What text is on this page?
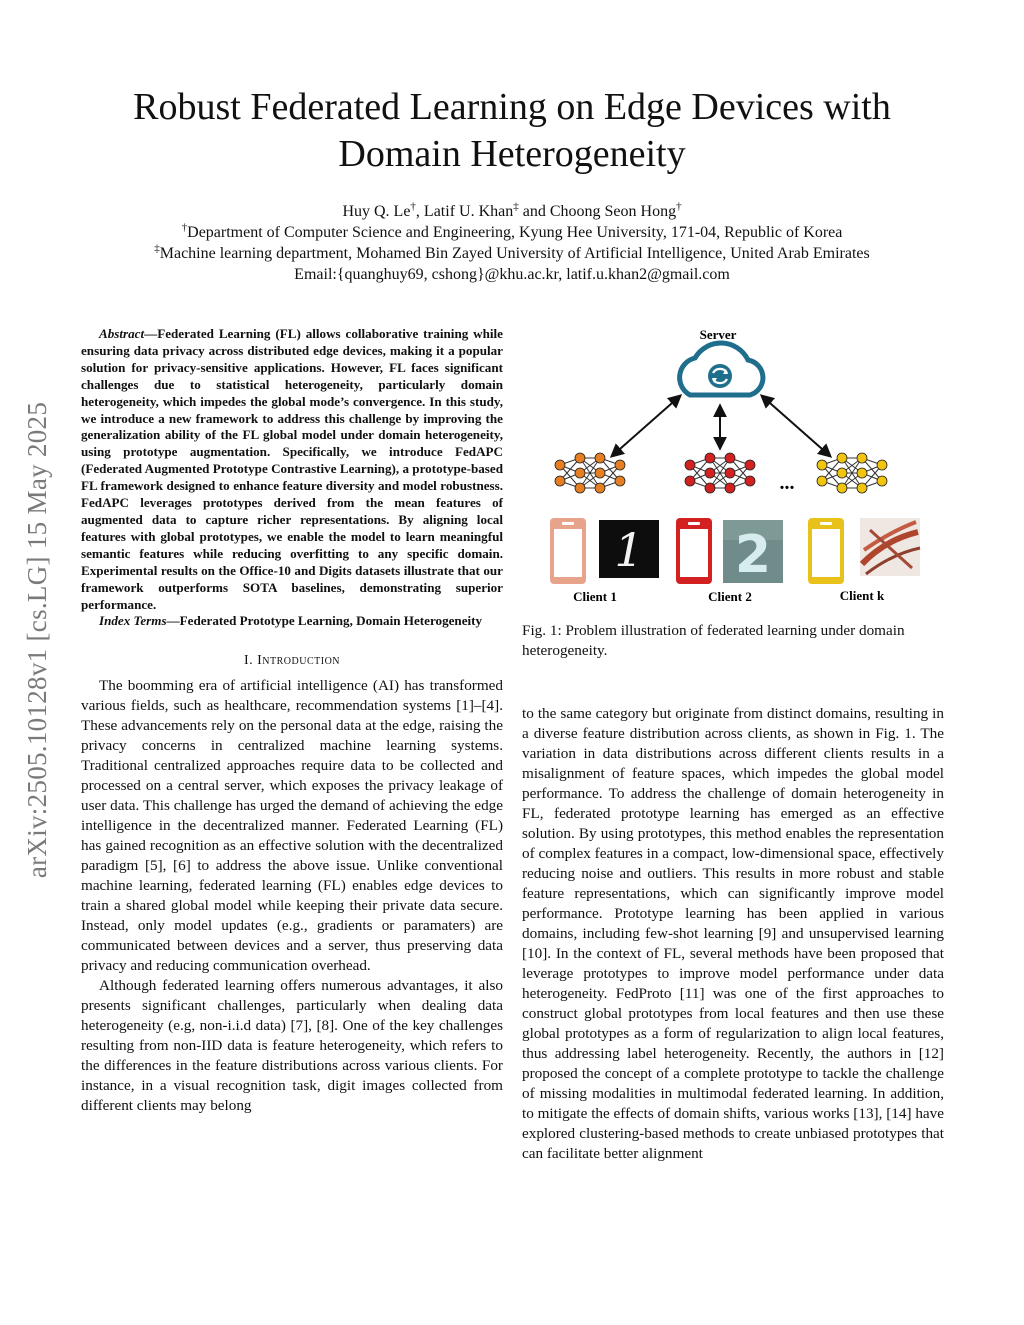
arXiv:2505.10128v1 [cs.LG] 15 May 2025
Robust Federated Learning on Edge Devices with
Domain Heterogeneity
Huy Q. Le†, Latif U. Khan‡ and Choong Seon Hong†
†Department of Computer Science and Engineering, Kyung Hee University, 171-04, Republic of Korea
‡Machine learning department, Mohamed Bin Zayed University of Artificial Intelligence, United Arab Emirates
Email:{quanghuy69, cshong}@khu.ac.kr, latif.u.khan2@gmail.com
Abstract—Federated Learning (FL) allows collaborative training while ensuring data privacy across distributed edge devices, making it a popular solution for privacy-sensitive applications. However, FL faces significant challenges due to statistical heterogeneity, particularly domain heterogeneity, which impedes the global mode’s convergence. In this study, we introduce a new framework to address this challenge by improving the generalization ability of the FL global model under domain heterogeneity, using prototype augmentation. Specifically, we introduce FedAPC (Federated Augmented Prototype Contrastive Learning), a prototype-based FL framework designed to enhance feature diversity and model robustness. FedAPC leverages prototypes derived from the mean features of augmented data to capture richer representations. By aligning local features with global prototypes, we enable the model to learn meaningful semantic features while reducing overfitting to any specific domain. Experimental results on the Office-10 and Digits datasets illustrate that our framework outperforms SOTA baselines, demonstrating superior performance.
Index Terms—Federated Prototype Learning, Domain Heterogeneity
I. Introduction

The boomming era of artificial intelligence (AI) has transformed various fields, such as healthcare, recommendation systems [1]–[4]. These advancements rely on the personal data at the edge, raising the privacy concerns in centralized machine learning systems. Traditional centralized approaches require data to be collected and processed on a central server, which exposes the privacy leakage of user data. This challenge has urged the demand of achieving the edge intelligence in the decentralized manner. Federated Learning (FL) has gained recognition as an effective solution with the decentralized paradigm [5], [6] to address the above issue. Unlike conventional machine learning, federated learning (FL) enables edge devices to train a shared global model while keeping their private data secure. Instead, only model updates (e.g., gradients or paramaters) are communicated between devices and a server, thus preserving data privacy and reducing communication overhead.

Although federated learning offers numerous advantages, it also presents significant challenges, particularly when dealing data heterogeneity (e.g, non-i.i.d data) [7], [8]. One of the key challenges resulting from non-IID data is feature heterogeneity, which refers to the differences in the feature distributions across various clients. For instance, in a visual recognition task, digit images collected from different clients may belong

Server
...
1 2
Client 1	Client 2	Client k
Fig. 1: Problem illustration of federated learning under domain heterogeneity.

to the same category but originate from distinct domains, resulting in a diverse feature distribution across clients, as shown in Fig. 1. The variation in data distributions across different clients results in a misalignment of feature spaces, which impedes the global model performance. To address the challenge of domain heterogeneity in FL, federated prototype learning has emerged as an effective solution. By using prototypes, this method enables the representation of complex features in a compact, low-dimensional space, effectively reducing noise and outliers. This results in more robust and stable feature representations, which can significantly improve model performance. Prototype learning has been applied in various domains, including few-shot learning [9] and unsupervised learning [10]. In the context of FL, several methods have been proposed that leverage prototypes to improve model performance under data heterogeneity. FedProto [11] was one of the first approaches to construct global prototypes from local features and then use these global prototypes as a form of regularization to align local features, thus addressing label heterogeneity. Recently, the authors in [12] proposed the concept of a complete prototype to tackle the challenge of missing modalities in multimodal federated learning. In addition, to mitigate the effects of domain shifts, various works [13], [14] have explored clustering-based methods to create unbiased prototypes that can facilitate better alignment
